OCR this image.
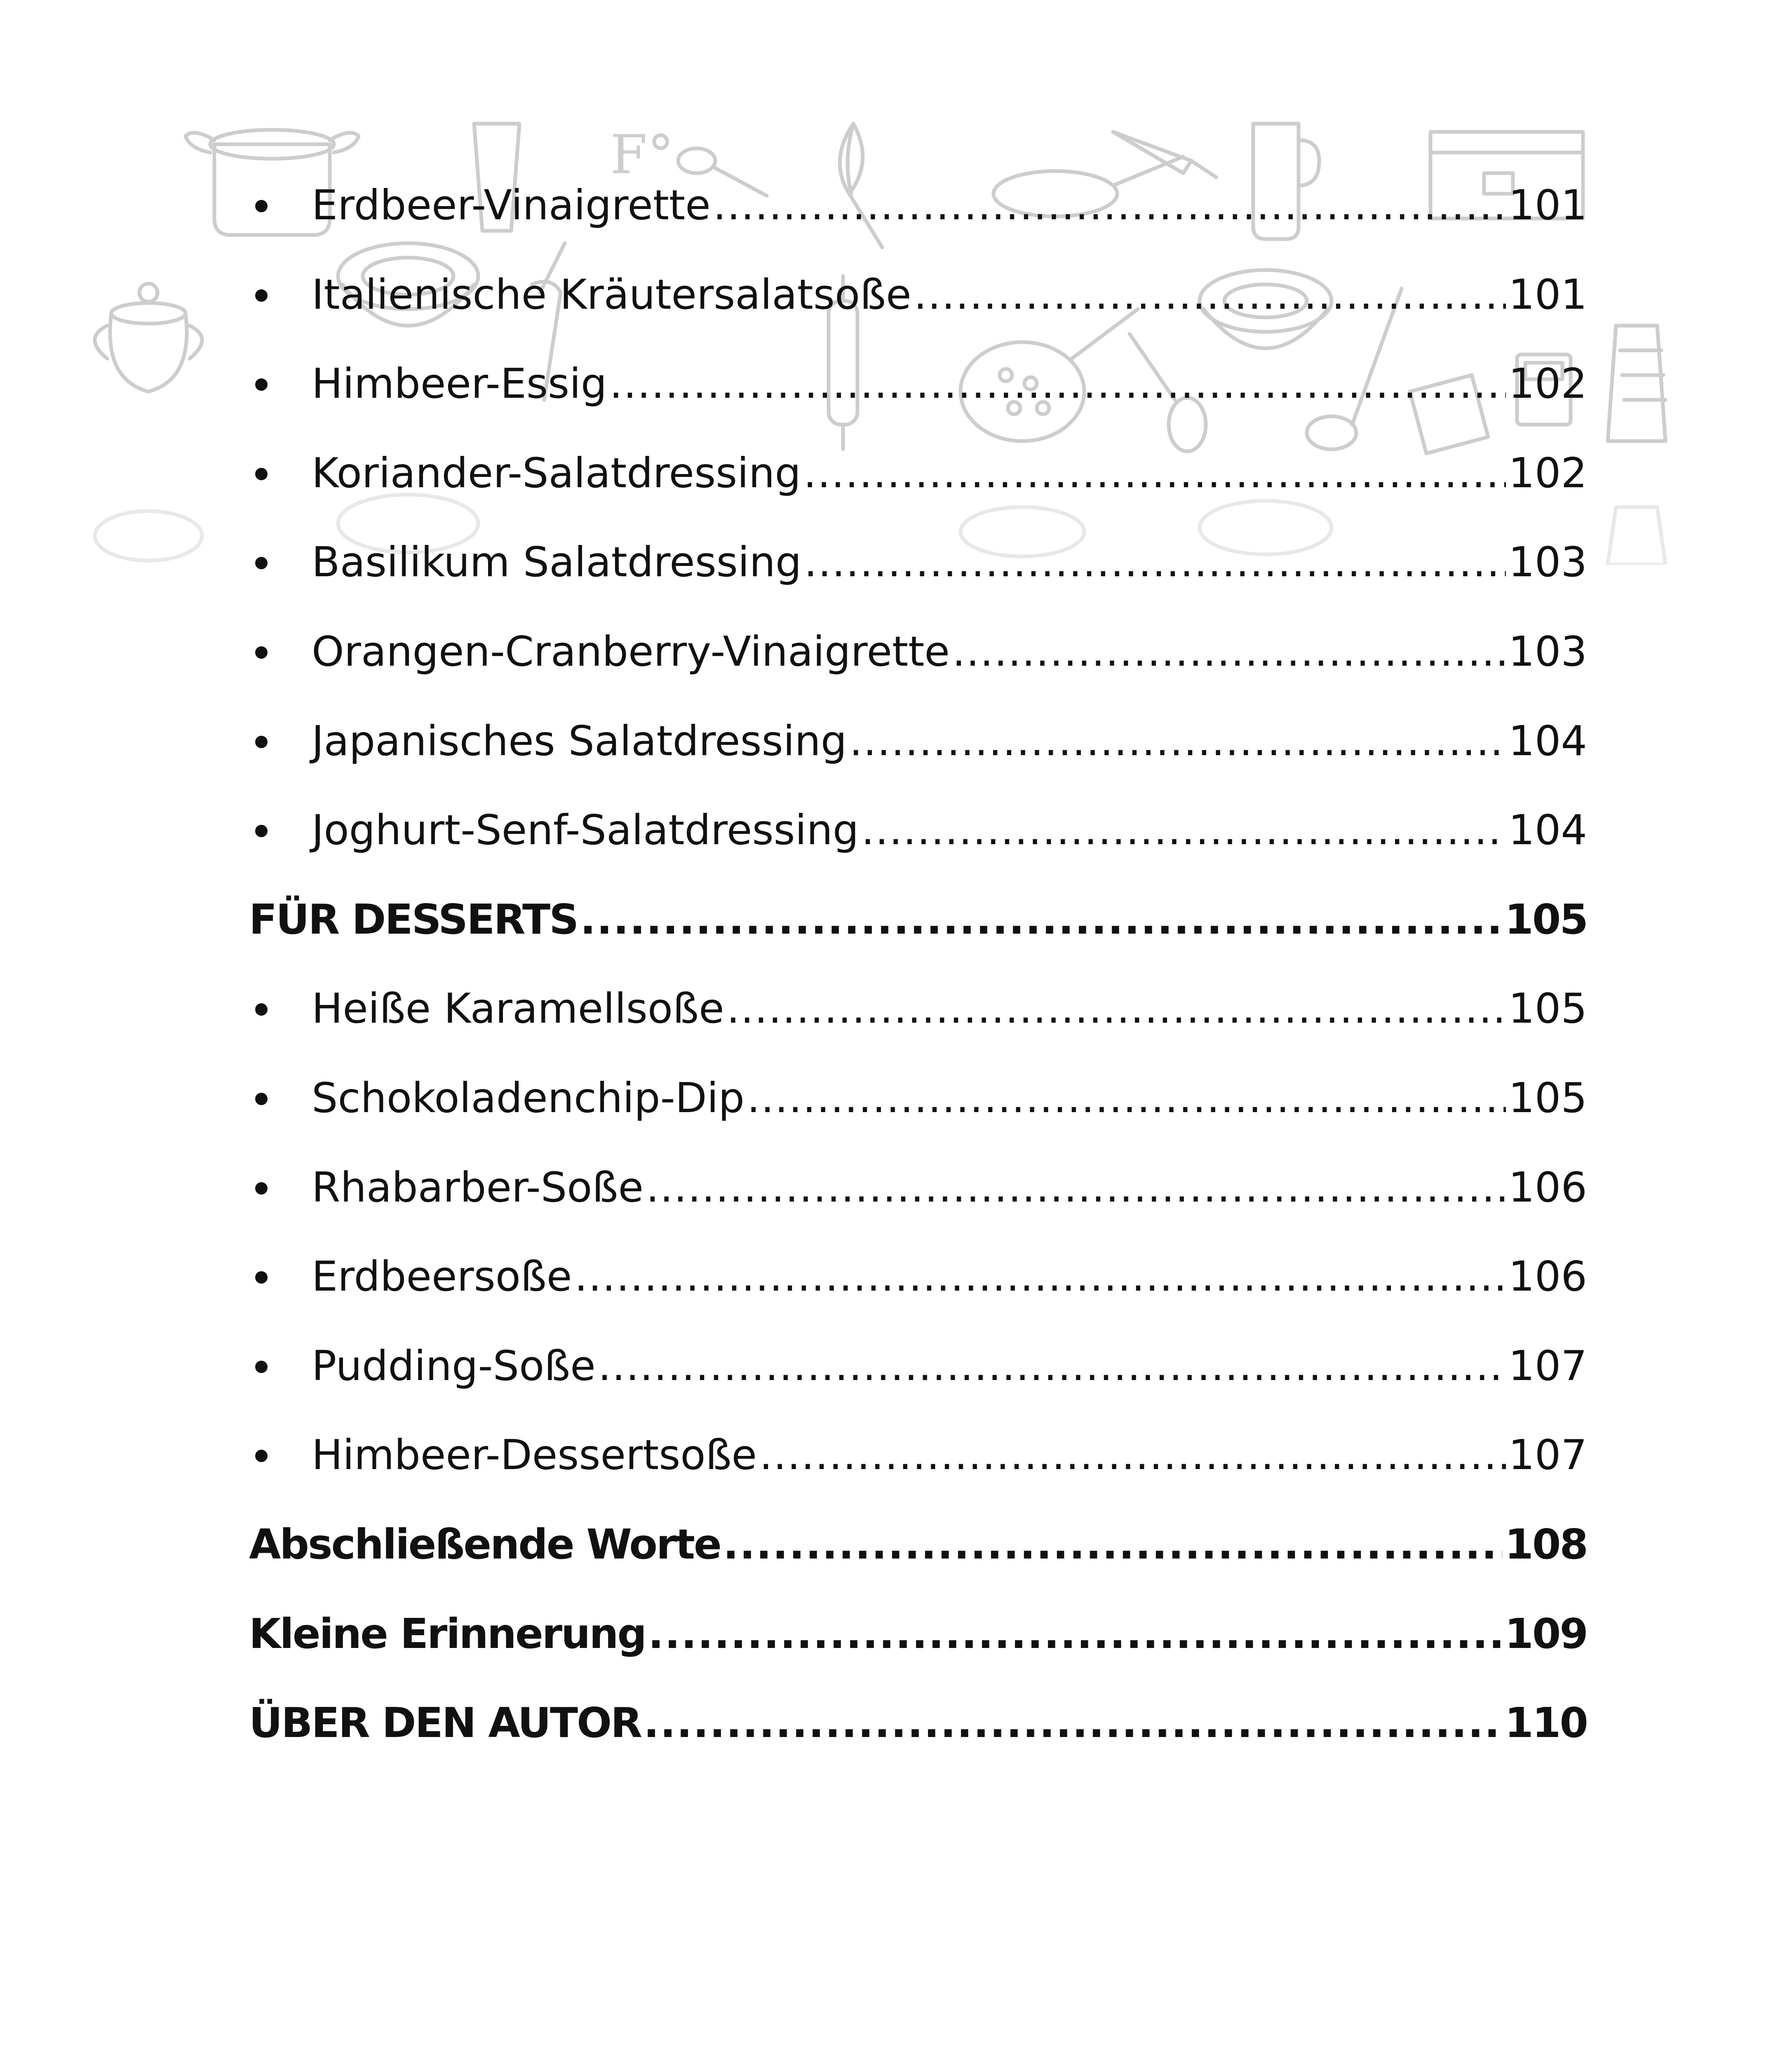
F°
Erdbeer-Vinaigrette .....	101
Italienische Kräutersalatsoße .....	101
Himbeer-Essig .....	102
Koriander-Salatdressing .....	102
Basilikum Salatdressing .....	103
Orangen-Cranberry-Vinaigrette .....	103
Japanisches Salatdressing .....	104
Joghurt-Senf-Salatdressing .....	104
FÜR DESSERTS .....	105
Heiße Karamellsoße .....	105
Schokoladenchip-Dip .....	105
Rhabarber-Soße .....	106
Erdbeersoße .....	106
Pudding-Soße .....	107
Himbeer-Dessertsoße .....	107
Abschließende Worte .....	108
Kleine Erinnerung .....	109
ÜBER DEN AUTOR .....	110
